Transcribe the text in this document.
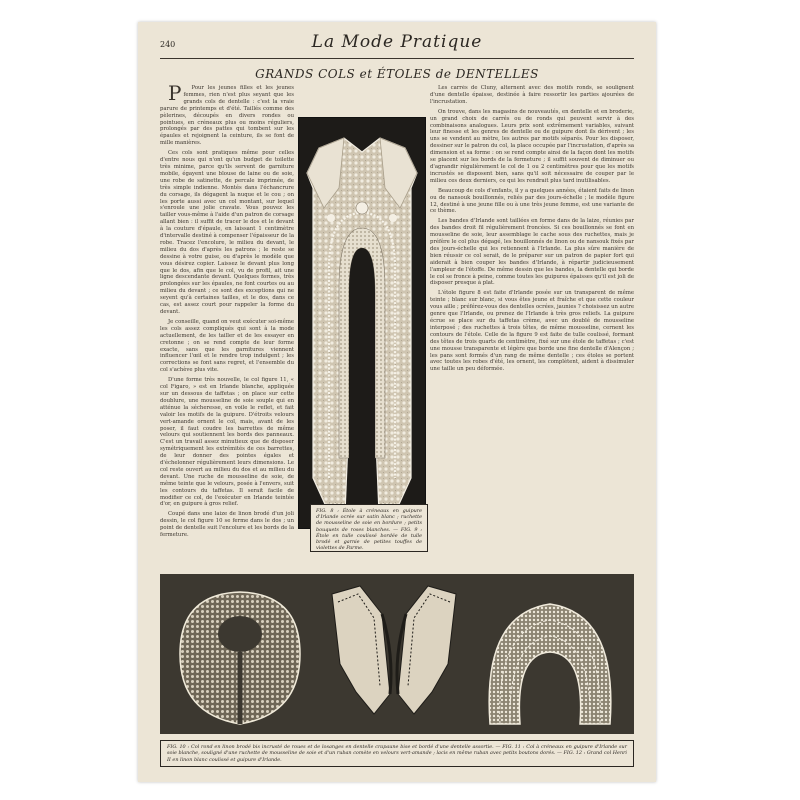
240	La Mode Pratique
GRANDS COLS et ÉTOLES de DENTELLES

P Pour les jeunes filles et les jeunes femmes, rien n'est plus seyant que les grands cols de dentelle : c'est la vraie parure de printemps et d'été. Taillés comme des pèlerines, découpés en divers rondes ou pointues, en créneaux plus ou moins réguliers, prolongés par des pattes qui tombent sur les épaules et rejoignent la ceinture, ils se font de mille manières.

Ces cols sont pratiques même pour celles d'entre nous qui n'ont qu'un budget de toilette très minime, parce qu'ils servent de garniture mobile, égayent une blouse de laine ou de soie, une robe de satinette, de percale imprimée, de très simple indienne. Montés dans l'échancrure du corsage, ils dégagent la nuque et le cou ; on les porte aussi avec un col montant, sur lequel s'enroule une jolie cravate. Vous pouvez les tailler vous-même à l'aide d'un patron de corsage allant bien : il suffit de tracer le dos et le devant à la couture d'épaule, en laissant 1 centimètre d'intervalle destiné à compenser l'épaisseur de la robe. Tracez l'encolure, le milieu du devant, le milieu du dos d'après les patrons ; le reste se dessine à votre guise, ou d'après le modèle que vous désirez copier. Laissez le devant plus long que le dos, afin que le col, vu de profil, ait une ligne descendante devant. Quelques formes, très prolongées sur les épaules, ne font courtes ou au milieu du devant ; ce sont des exceptions qui ne seyent qu'à certaines tailles, et le dos, dans ce cas, est assez court pour rappeler la forme du devant.

Je conseille, quand on veut exécuter soi-même les cols assez compliqués qui sont à la mode actuellement, de les tailler et de les essayer en cretonne ; on se rend compte de leur forme exacte, sans que les garnitures viennent influencer l'œil et le rendre trop indulgent ; les corrections se font sans regret, et l'ensemble du col s'achève plus vite.

D'une forme très nouvelle, le col figure 11, « col Figaro, » est en Irlande blanche, appliquée sur un dessous de taffetas ; on place sur cette doublure, une mousseline de soie souple qui en atténue la sécheresse, en voile le reflet, et fait valoir les motifs de la guipure. D'étroits velours vert-amande ornent le col, mais, avant de les poser, il faut coudre les barrettes de même velours qui soutiennent les bords des panneaux. C'est un travail assez minutieux que de disposer symétriquement les extrémités de ces barrettes, de leur donner des pointes égales et d'échelonner régulièrement leurs dimensions. Le col reste ouvert au milieu du dos et au milieu du devant. Une ruche de mousseline de soie, de même teinte que le velours, posée à l'envers, suit les contours du taffetas. Il serait facile de modifier ce col, de l'exécuter en Irlande teintée d'or, en guipure à gros relief.

Coupé dans une laize de linon brodé d'un joli dessin, le col figure 10 se ferme dans le dos ; un point de dentelle suit l'encolure et les bords de la fermeture.

Les carrés de Cluny, alternent avec des motifs ronds, se soulignent d'une dentelle épaisse, destinée à faire ressortir les parties ajourées de l'incrustation.

On trouve, dans les magasins de nouveautés, en dentelle et en broderie, un grand choix de carrés ou de ronds qui peuvent servir à des combinaisons analogues. Leurs prix sont extrêmement variables, suivant leur finesse et les genres de dentelle ou de guipure dont ils dérivent ; les uns se vendent au mètre, les autres par motifs séparés. Pour les disposer, dessiner sur le patron du col, la place occupée par l'incrustation, d'après sa dimension et sa forme : on se rend compte ainsi de la façon dont les motifs se placent sur les bords de la fermeture ; il suffit souvent de diminuer ou d'agrandir régulièrement le col de 1 ou 2 centimètres pour que les motifs incrustés se disposent bien, sans qu'il soit nécessaire de couper par le milieu ces deux derniers, ce qui les rendrait plus tard inutilisables.

Beaucoup de cols d'enfants, il y a quelques années, étaient faits de linon ou de nansouk bouillonnés, reliés par des jours-échelle ; le modèle figure 12, destiné à une jeune fille ou à une très jeune femme, est une variante de ce thème.

Les bandes d'Irlande sont taillées en forme dans de la laize, réunies par des bandes droit fil régulièrement froncées. Si ces bouillonnés se font en mousseline de soie, leur assemblage le cache sous des ruchettes, mais je préfère le col plus dégagé, les bouillonnés de linon ou de nansouk fixés par des jours-échelle qui les retiennent à l'Irlande. La plus sûre manière de bien réussir ce col serait, de le préparer sur un patron de papier fort qui aiderait à bien couper les bandes d'Irlande, à répartir judicieusement l'ampleur de l'étoffe. De même dessin que les bandes, la dentelle qui borde le col se fronce à peine, comme toutes les guipures épaisses qu'il est joli de disposer presque à plat.

L'étole figure 8 est faite d'Irlande posée sur un transparent de même teinte ; blanc sur blanc, si vous êtes jeune et fraîche et que cette couleur vous aille ; préférez-vous des dentelles ocrées, jaunies ? choisissez un autre genre que l'Irlande, ou prenez de l'Irlande à très gros reliefs. La guipure écrue se place sur du taffetas crème, avec un doublé de mousseline interposé ; des ruchettes à trois têtes, de même mousseline, cernent les contours de l'étole. Celle de la figure 9 est faite de tulle coulissé, formant des têtes de trois quarts de centimètre, fixé sur une étole de taffetas ; c'est une mousse transparente et légère que borde une fine dentelle d'Alençon ; les pans sont formés d'un rang de même dentelle ; ces étoles se portent avec toutes les robes d'été, les ornent, les complètent, aident à dissimuler une taille un peu déformée.

FIG. 8 : Étole à créneaux en guipure d'Irlande ocrée sur satin blanc ; ruchette de mousseline de soie en bordure ; petits bouquets de roses blanches. — FIG. 9 : Étole en tulle coulissé bordée de tulle brodé et garnie de petites touffes de violettes de Parme.
FIG. 10 : Col rond en linon brodé bis incrusté de roues et de losanges en dentelle crapaune bise et bordé d'une dentelle assortie. — FIG. 11 : Col à créneaux en guipure d'Irlande sur soie blanche, souligné d'une ruchette de mousseline de soie et d'un ruban comète en velours vert-amande ; lacis en même ruban avec petits boutons dorés. — FIG. 12 : Grand col Henri II en linon blanc coulissé et guipure d'Irlande.
